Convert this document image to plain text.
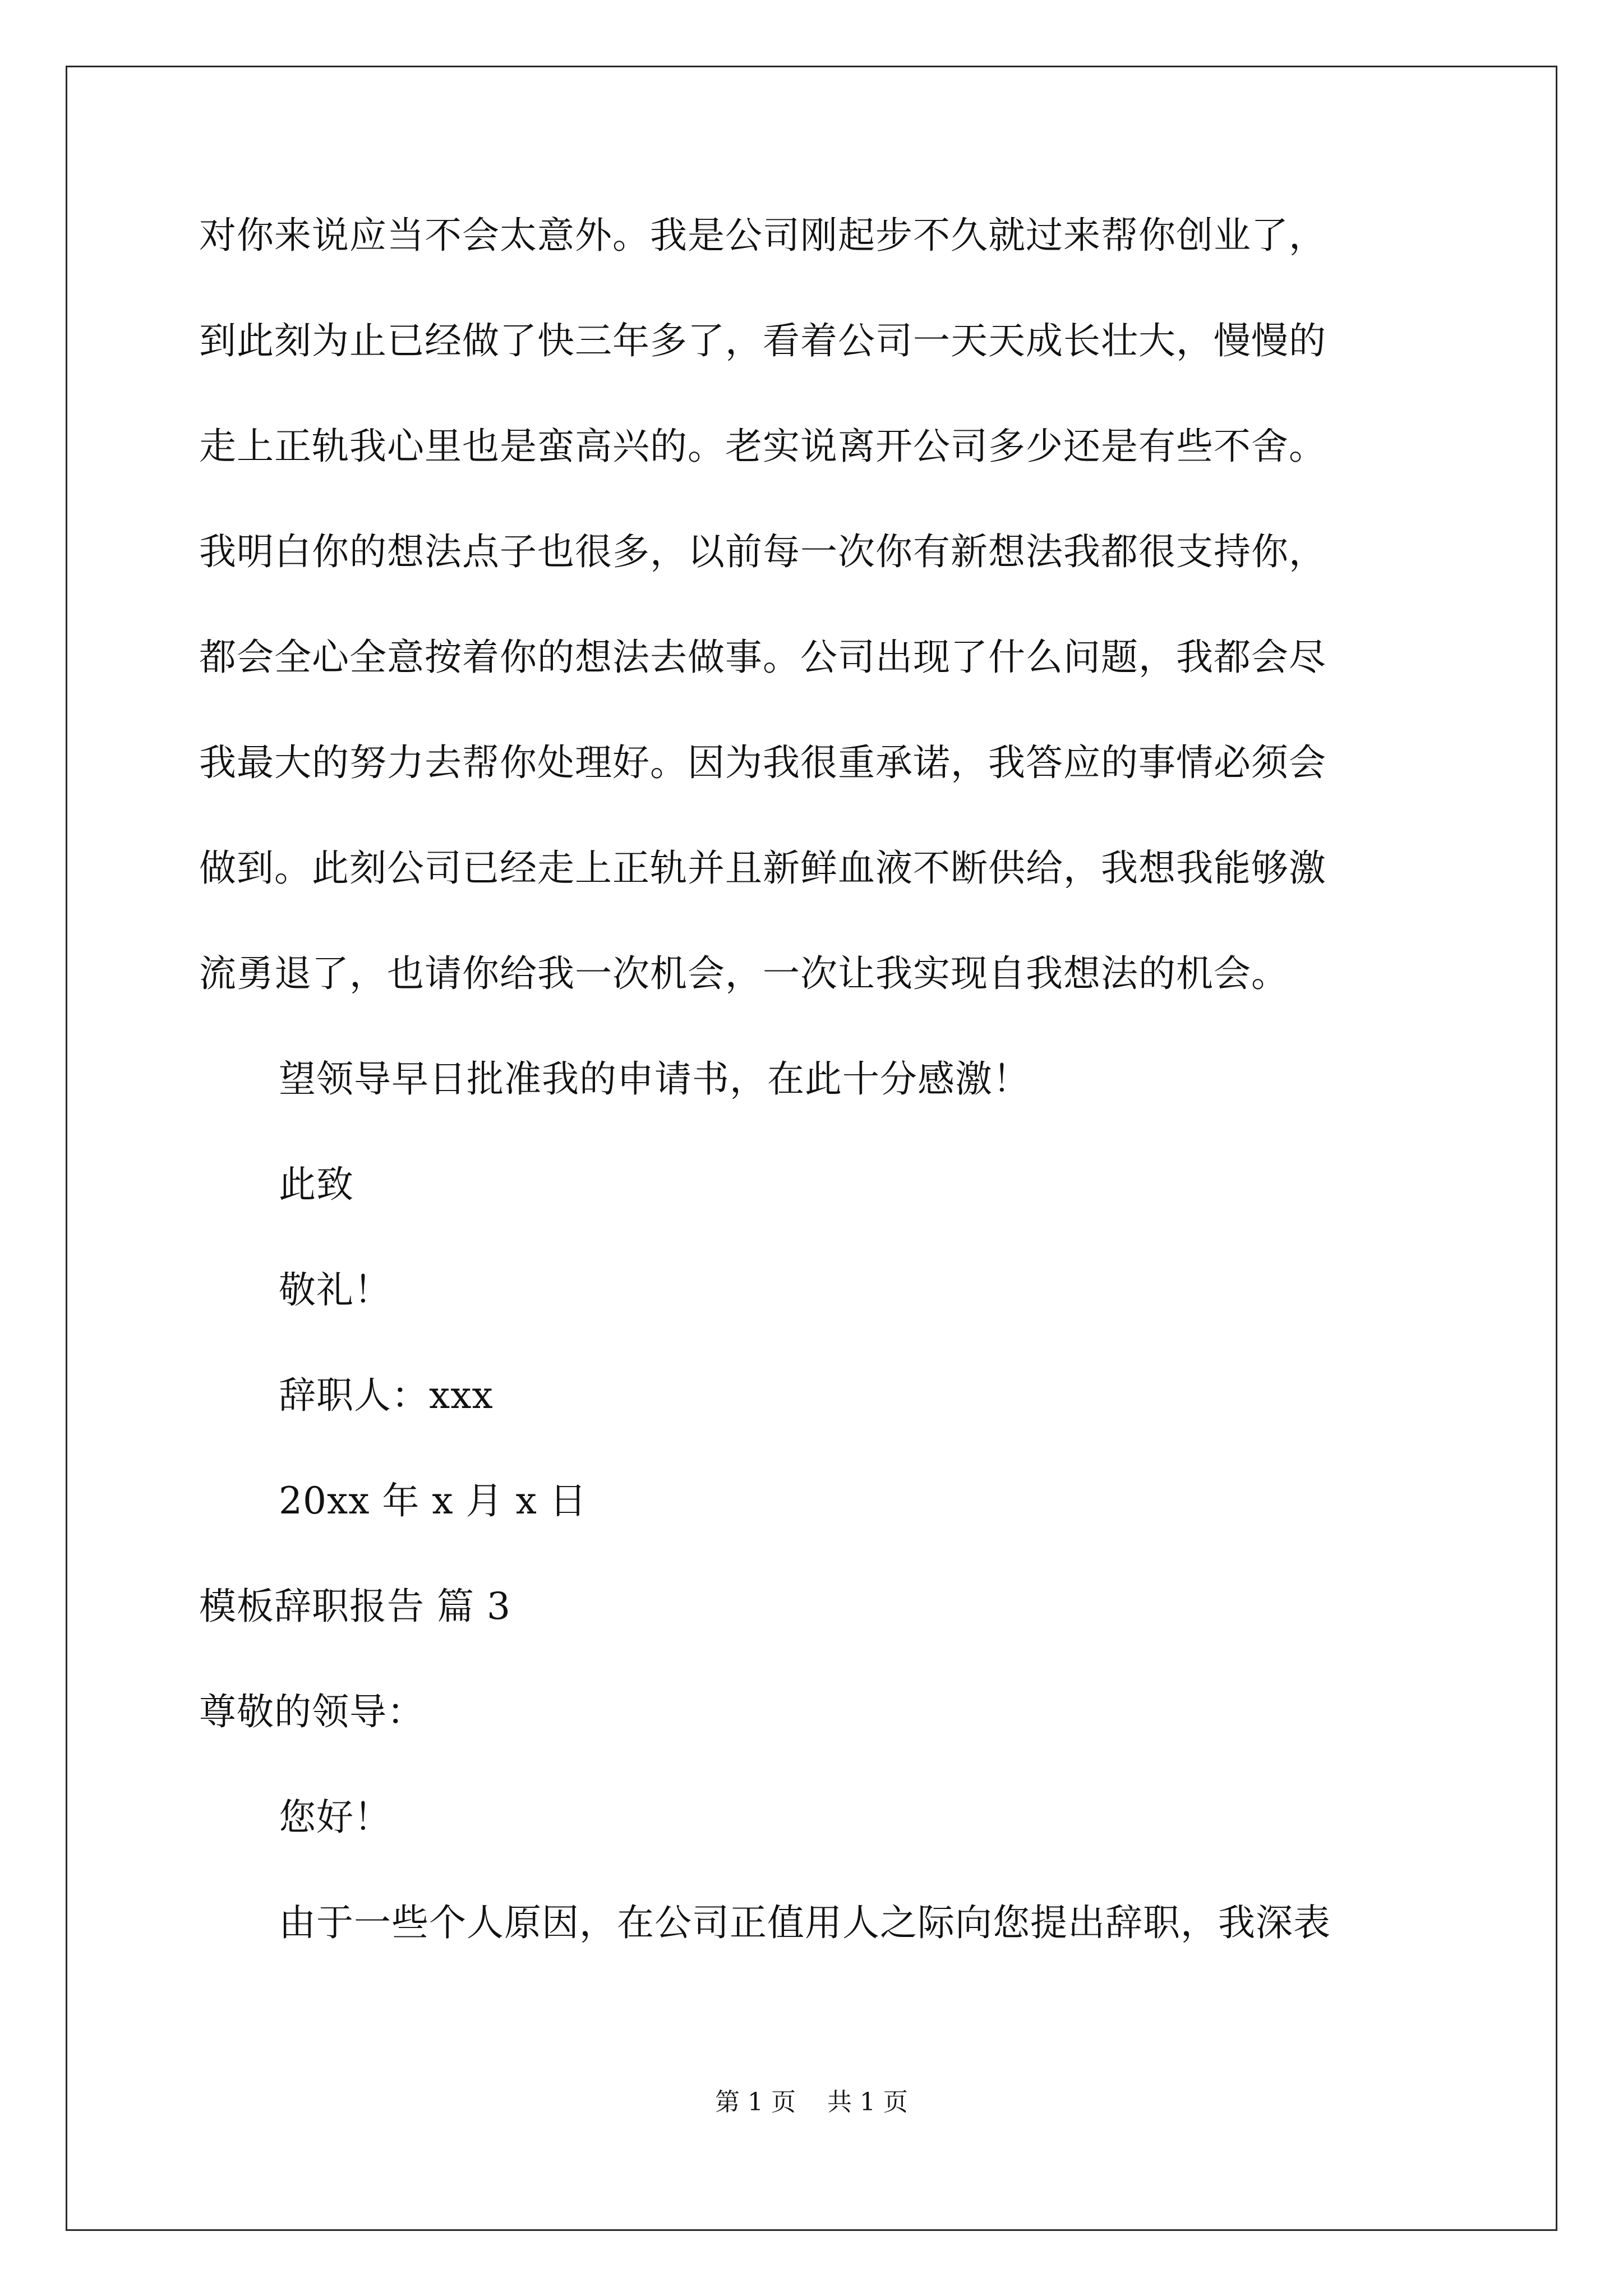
对你来说应当不会太意外。我是公司刚起步不久就过来帮你创业了，
到此刻为止已经做了快三年多了，看着公司一天天成长壮大，慢慢的
走上正轨我心里也是蛮高兴的。老实说离开公司多少还是有些不舍。
我明白你的想法点子也很多，以前每一次你有新想法我都很支持你，
都会全心全意按着你的想法去做事。公司出现了什么问题，我都会尽
我最大的努力去帮你处理好。因为我很重承诺，我答应的事情必须会
做到。此刻公司已经走上正轨并且新鲜血液不断供给，我想我能够激
流勇退了，也请你给我一次机会，一次让我实现自我想法的机会。
望领导早日批准我的申请书，在此十分感激！
此致
敬礼！
辞职人：xxx
20xx 年 x 月 x 日
模板辞职报告 篇 3
尊敬的领导：
您好！
由于一些个人原因，在公司正值用人之际向您提出辞职，我深表
第 1 页    共 1 页
